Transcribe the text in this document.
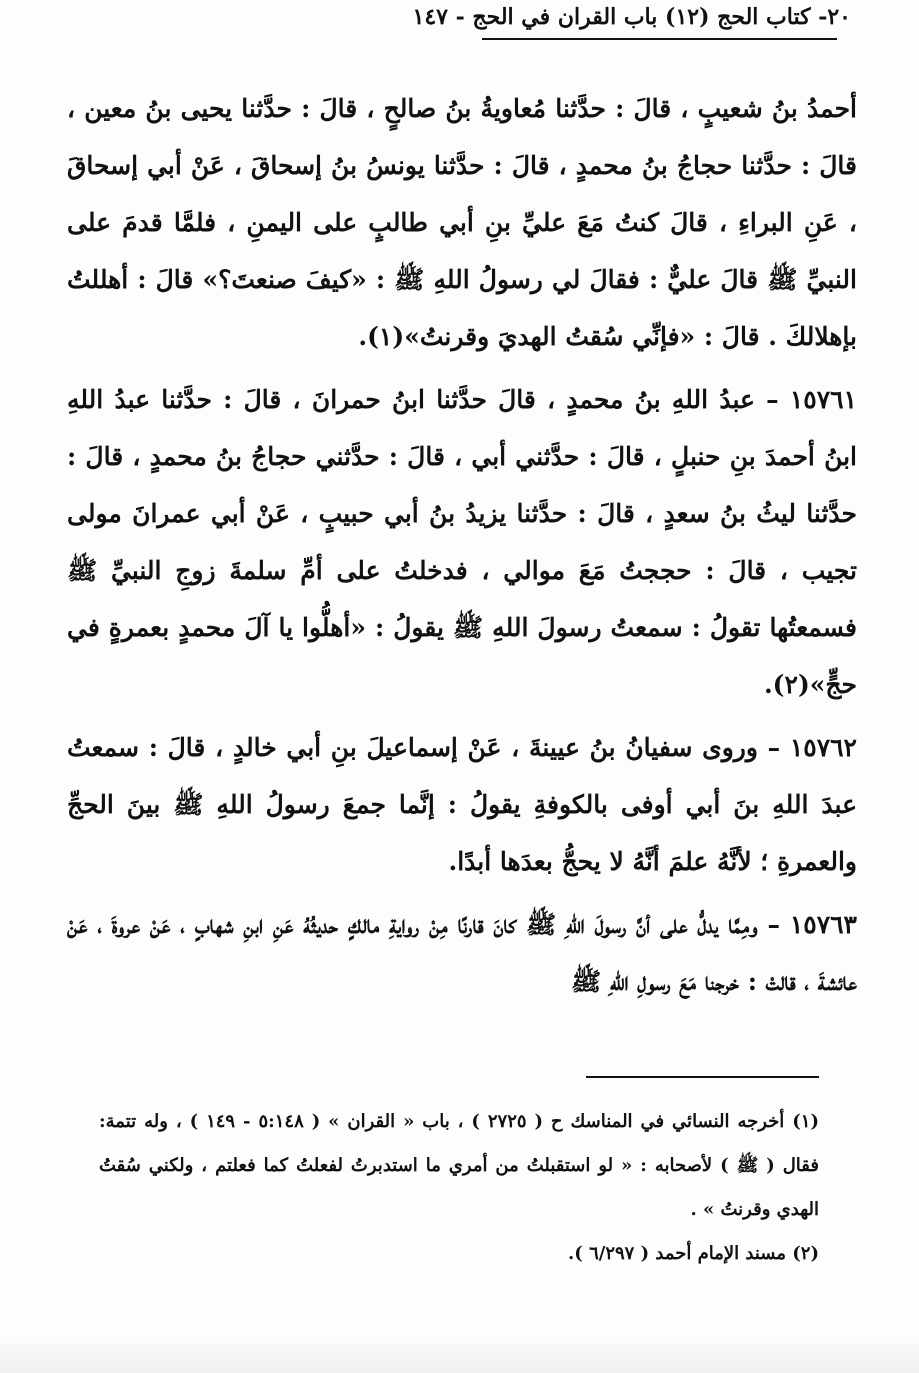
٢٠- كتاب الحج (١٢) باب القران في الحج - ١٤٧

أحمدُ بنُ شعيبٍ ، قالَ : حدَّثنا مُعاويةُ بنُ صالحٍ ، قالَ : حدَّثنا يحيى بنُ معين ، قالَ : حدَّثنا حجاجُ بنُ محمدٍ ، قالَ : حدَّثنا يونسُ بنُ إسحاقَ ، عَنْ أبي إسحاقَ ، عَنِ البراءِ ، قالَ كنتُ مَعَ عليِّ بنِ أبي طالبٍ على اليمنِ ، فلمَّا قدمَ على النبيِّ ﷺ قالَ عليٌّ : فقالَ لي رسولُ اللهِ ﷺ : «كيفَ صنعتَ؟» قالَ : أهللتُ بإهلالكَ . قالَ : «فإنِّي سُقتُ الهديَ وقرنتُ»(١).

١٥٧٦١ – عبدُ اللهِ بنُ محمدٍ ، قالَ حدَّثنا ابنُ حمرانَ ، قالَ : حدَّثنا عبدُ اللهِ ابنُ أحمدَ بنِ حنبلٍ ، قالَ : حدَّثني أبي ، قالَ : حدَّثني حجاجُ بنُ محمدٍ ، قالَ : حدَّثنا ليثُ بنُ سعدٍ ، قالَ : حدَّثنا يزيدُ بنُ أبي حبيبٍ ، عَنْ أبي عمرانَ مولى تجيب ، قالَ : حججتُ مَعَ موالي ، فدخلتُ على أمِّ سلمةَ زوجِ النبيِّ ﷺ فسمعتُها تقولُ : سمعتُ رسولَ اللهِ ﷺ يقولُ : «أهلُّوا يا آلَ محمدٍ بعمرةٍ في حجٍّ»(٢).

١٥٧٦٢ – وروى سفيانُ بنُ عيينةَ ، عَنْ إسماعيلَ بنِ أبي خالدٍ ، قالَ : سمعتُ عبدَ اللهِ بنَ أبي أوفى بالكوفةِ يقولُ : إنَّما جمعَ رسولُ اللهِ ﷺ بينَ الحجِّ والعمرةِ ؛ لأنَّهُ علمَ أنَّهُ لا يحجُّ بعدَها أبدًا.

١٥٧٦٣ – ومِمَّا يدلُّ على أنَّ رسولَ اللهِ ﷺ كانَ قارنًا مِنْ روايةِ مالكٍ حديثُهُ عَنِ ابنِ شهابٍ ، عَنْ عروةَ ، عَنْ عائشةَ ، قالتْ : خرجنا مَعَ رسولِ اللهِ ﷺ

(١) أخرجه النسائي في المناسك ح ( ٢٧٢٥ ) ، باب « القران » ( ٥:١٤٨ - ١٤٩ ) ، وله تتمة: فقال ( ﷺ ) لأصحابه : « لو استقبلتُ من أمري ما استدبرتُ لفعلتُ كما فعلتم ، ولكني سُقتُ الهدي وقرنتُ » .

(٢) مسند الإمام أحمد ( ٦/٢٩٧ ).
